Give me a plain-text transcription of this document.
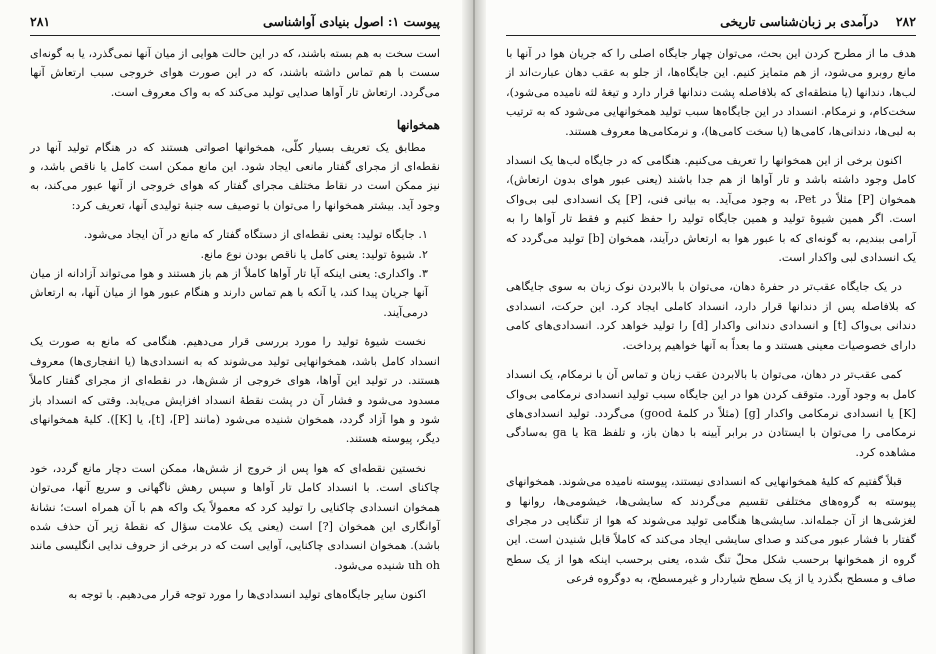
پیوست ۱: اصول بنیادی آواشناسی
۲۸۱

است سخت به هم بسته باشند، که در این حالت هوایی از میان آنها نمی‌گذرد، یا به گونه‌ای سست با هم تماس داشته باشند، که در این صورت هوای خروجی سبب ارتعاش آنها می‌گردد. ارتعاش تار آواها صدایی تولید می‌کند که به واک معروف است.

همخوانها

مطابق یک تعریف بسیار کلّی، همخوانها اصواتی هستند که در هنگام تولید آنها در نقطه‌ای از مجرای گفتار مانعی ایجاد شود. این مانع ممکن است کامل یا ناقص باشد، و نیز ممکن است در نقاط مختلف مجرای گفتار که هوای خروجی از آنها عبور می‌کند، به وجود آید. بیشتر همخوانها را می‌توان با توصیف سه جنبهٔ تولیدی آنها، تعریف کرد:

۱. جایگاه تولید: یعنی نقطه‌ای از دستگاه گفتار که مانع در آن ایجاد می‌شود.

۲. شیوهٔ تولید: یعنی کامل یا ناقص بودن نوع مانع.

۳. واکداری: یعنی اینکه آیا تار آواها کاملاً از هم باز هستند و هوا می‌تواند آزادانه از میان آنها جریان پیدا کند، یا آنکه با هم تماس دارند و هنگام عبور هوا از میان آنها، به ارتعاش درمی‌آیند.

نخست شیوهٔ تولید را مورد بررسی قرار می‌دهیم. هنگامی که مانع به صورت یک انسداد کامل باشد، همخوانهایی تولید می‌شوند که به انسدادی‌ها (یا انفجاری‌ها) معروف هستند. در تولید این آواها، هوای خروجی از شش‌ها، در نقطه‌ای از مجرای گفتار کاملاً مسدود می‌شود و فشار آن در پشت نقطهٔ انسداد افزایش می‌یابد. وقتی که انسداد باز شود و هوا آزاد گردد، همخوان شنیده می‌شود (مانند [P]، [t]، یا [K]). کلیهٔ همخوانهای دیگر، پیوسته هستند.

نخستین نقطه‌ای که هوا پس از خروج از شش‌ها، ممکن است دچار مانع گردد، خود چاکنای است. با انسداد کامل تار آواها و سپس رهش ناگهانی و سریع آنها، می‌توان همخوان انسدادی چاکنایی را تولید کرد که معمولاً یک واکه هم با آن همراه است؛ نشانهٔ آوانگاری این همخوان [?] است (یعنی یک علامت سؤال که نقطهٔ زیر آن حذف شده باشد). همخوان انسدادی چاکنایی، آوایی است که در برخی از حروف ندایی انگلیسی مانند uh oh شنیده می‌شود.

اکنون سایر جایگاه‌های تولید انسدادی‌ها را مورد توجه قرار می‌دهیم. با توجه به

۲۸۲    درآمدی بر زبان‌شناسی تاریخی

هدف ما از مطرح کردن این بحث، می‌توان چهار جایگاه اصلی را که جریان هوا در آنها با مانع روبرو می‌شود، از هم متمایز کنیم. این جایگاه‌ها، از جلو به عقب دهان عبارت‌اند از لب‌ها، دندانها (یا منطقه‌ای که بلافاصله پشت دندانها قرار دارد و تیغهٔ لثه نامیده می‌شود)، سخت‌کام، و نرمکام. انسداد در این جایگاه‌ها سبب تولید همخوانهایی می‌شود که به ترتیب به لبی‌ها، دندانی‌ها، کامی‌ها (یا سخت کامی‌ها)، و نرمکامی‌ها معروف هستند.

اکنون برخی از این همخوانها را تعریف می‌کنیم. هنگامی که در جایگاه لب‌ها یک انسداد کامل وجود داشته باشد و تار آواها از هم جدا باشند (یعنی عبور هوای بدون ارتعاش)، همخوان [P] مثلاً در Pet، به وجود می‌آید. به بیانی فنی، [P] یک انسدادی لبی بی‌واک است. اگر همین شیوهٔ تولید و همین جایگاه تولید را حفظ کنیم و فقط تار آواها را به آرامی ببندیم، به گونه‌ای که با عبور هوا به ارتعاش درآیند، همخوان [b] تولید می‌گردد که یک انسدادی لبی واکدار است.

در یک جایگاه عقب‌تر در حفرهٔ دهان، می‌توان با بالابردن نوک زبان به سوی جایگاهی که بلافاصله پس از دندانها قرار دارد، انسداد کاملی ایجاد کرد. این حرکت، انسدادی دندانی بی‌واک [t] و انسدادی دندانی واکدار [d] را تولید خواهد کرد. انسدادی‌های کامی دارای خصوصیات معینی هستند و ما بعداً به آنها خواهیم پرداخت.

کمی عقب‌تر در دهان، می‌توان با بالابردن عقب زبان و تماس آن با نرمکام، یک انسداد کامل به وجود آورد. متوقف کردن هوا در این جایگاه سبب تولید انسدادی نرمکامی بی‌واک [K] یا انسدادی نرمکامی واکدار [g] (مثلاً در کلمهٔ good) می‌گردد. تولید انسدادی‌های نرمکامی را می‌توان با ایستادن در برابر آیینه با دهان باز، و تلفظ ka یا ga به‌سادگی مشاهده کرد.

قبلاً گفتیم که کلیهٔ همخوانهایی که انسدادی نیستند، پیوسته نامیده می‌شوند. همخوانهای پیوسته به گروه‌های مختلفی تقسیم می‌گردند که سایشی‌ها، خیشومی‌ها، روانها و لغزشی‌ها از آن جمله‌اند. سایشی‌ها هنگامی تولید می‌شوند که هوا از تنگنایی در مجرای گفتار با فشار عبور می‌کند و صدای سایشی ایجاد می‌کند که کاملاً قابل شنیدن است. این گروه از همخوانها برحسب شکل محلّ تنگ شده، یعنی برحسب اینکه هوا از یک سطح صاف و مسطح بگذرد یا از یک سطح شیاردار و غیرمسطح، به دوگروه فرعی
